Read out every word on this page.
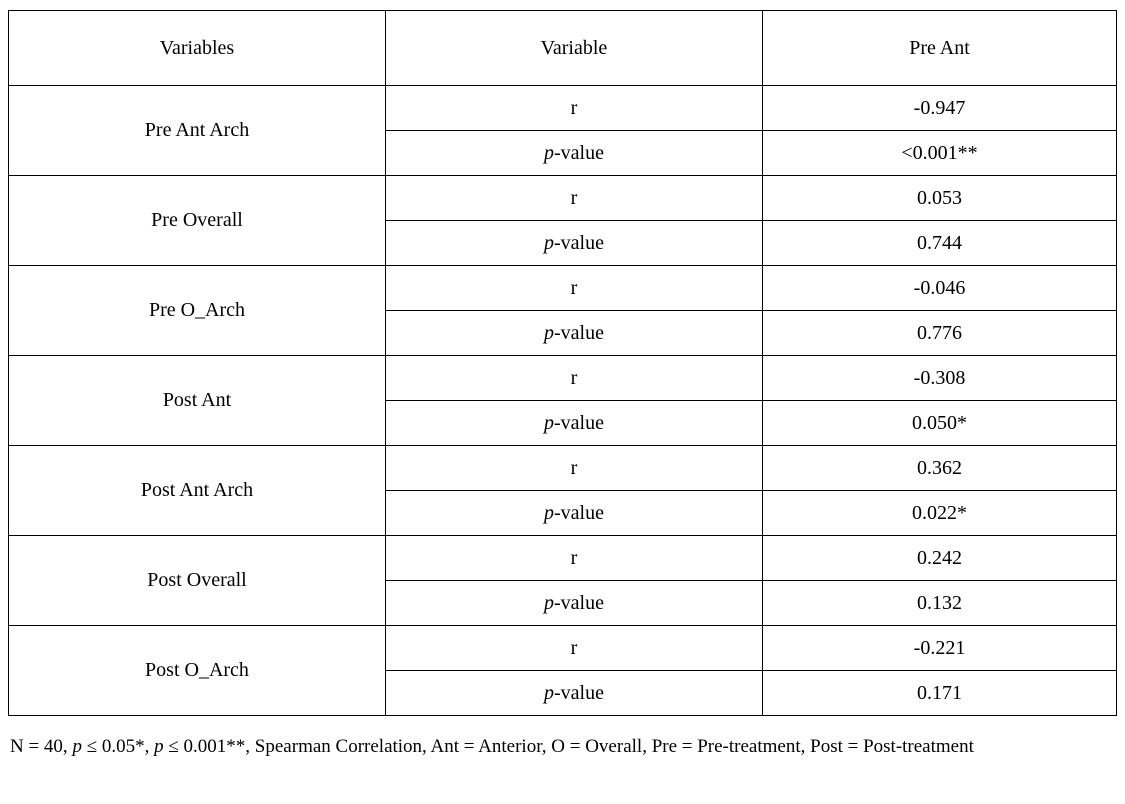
Variables	Variable	Pre Ant
Pre Ant Arch	r	-0.947
	p-value	<0.001**
Pre Overall	r	0.053
	p-value	0.744
Pre O_Arch	r	-0.046
	p-value	0.776
Post Ant	r	-0.308
	p-value	0.050*
Post Ant Arch	r	0.362
	p-value	0.022*
Post Overall	r	0.242
	p-value	0.132
Post O_Arch	r	-0.221
	p-value	0.171
N = 40, p ≤ 0.05*, p ≤ 0.001**, Spearman Correlation, Ant = Anterior, O = Overall, Pre = Pre-treatment, Post = Post-treatment
